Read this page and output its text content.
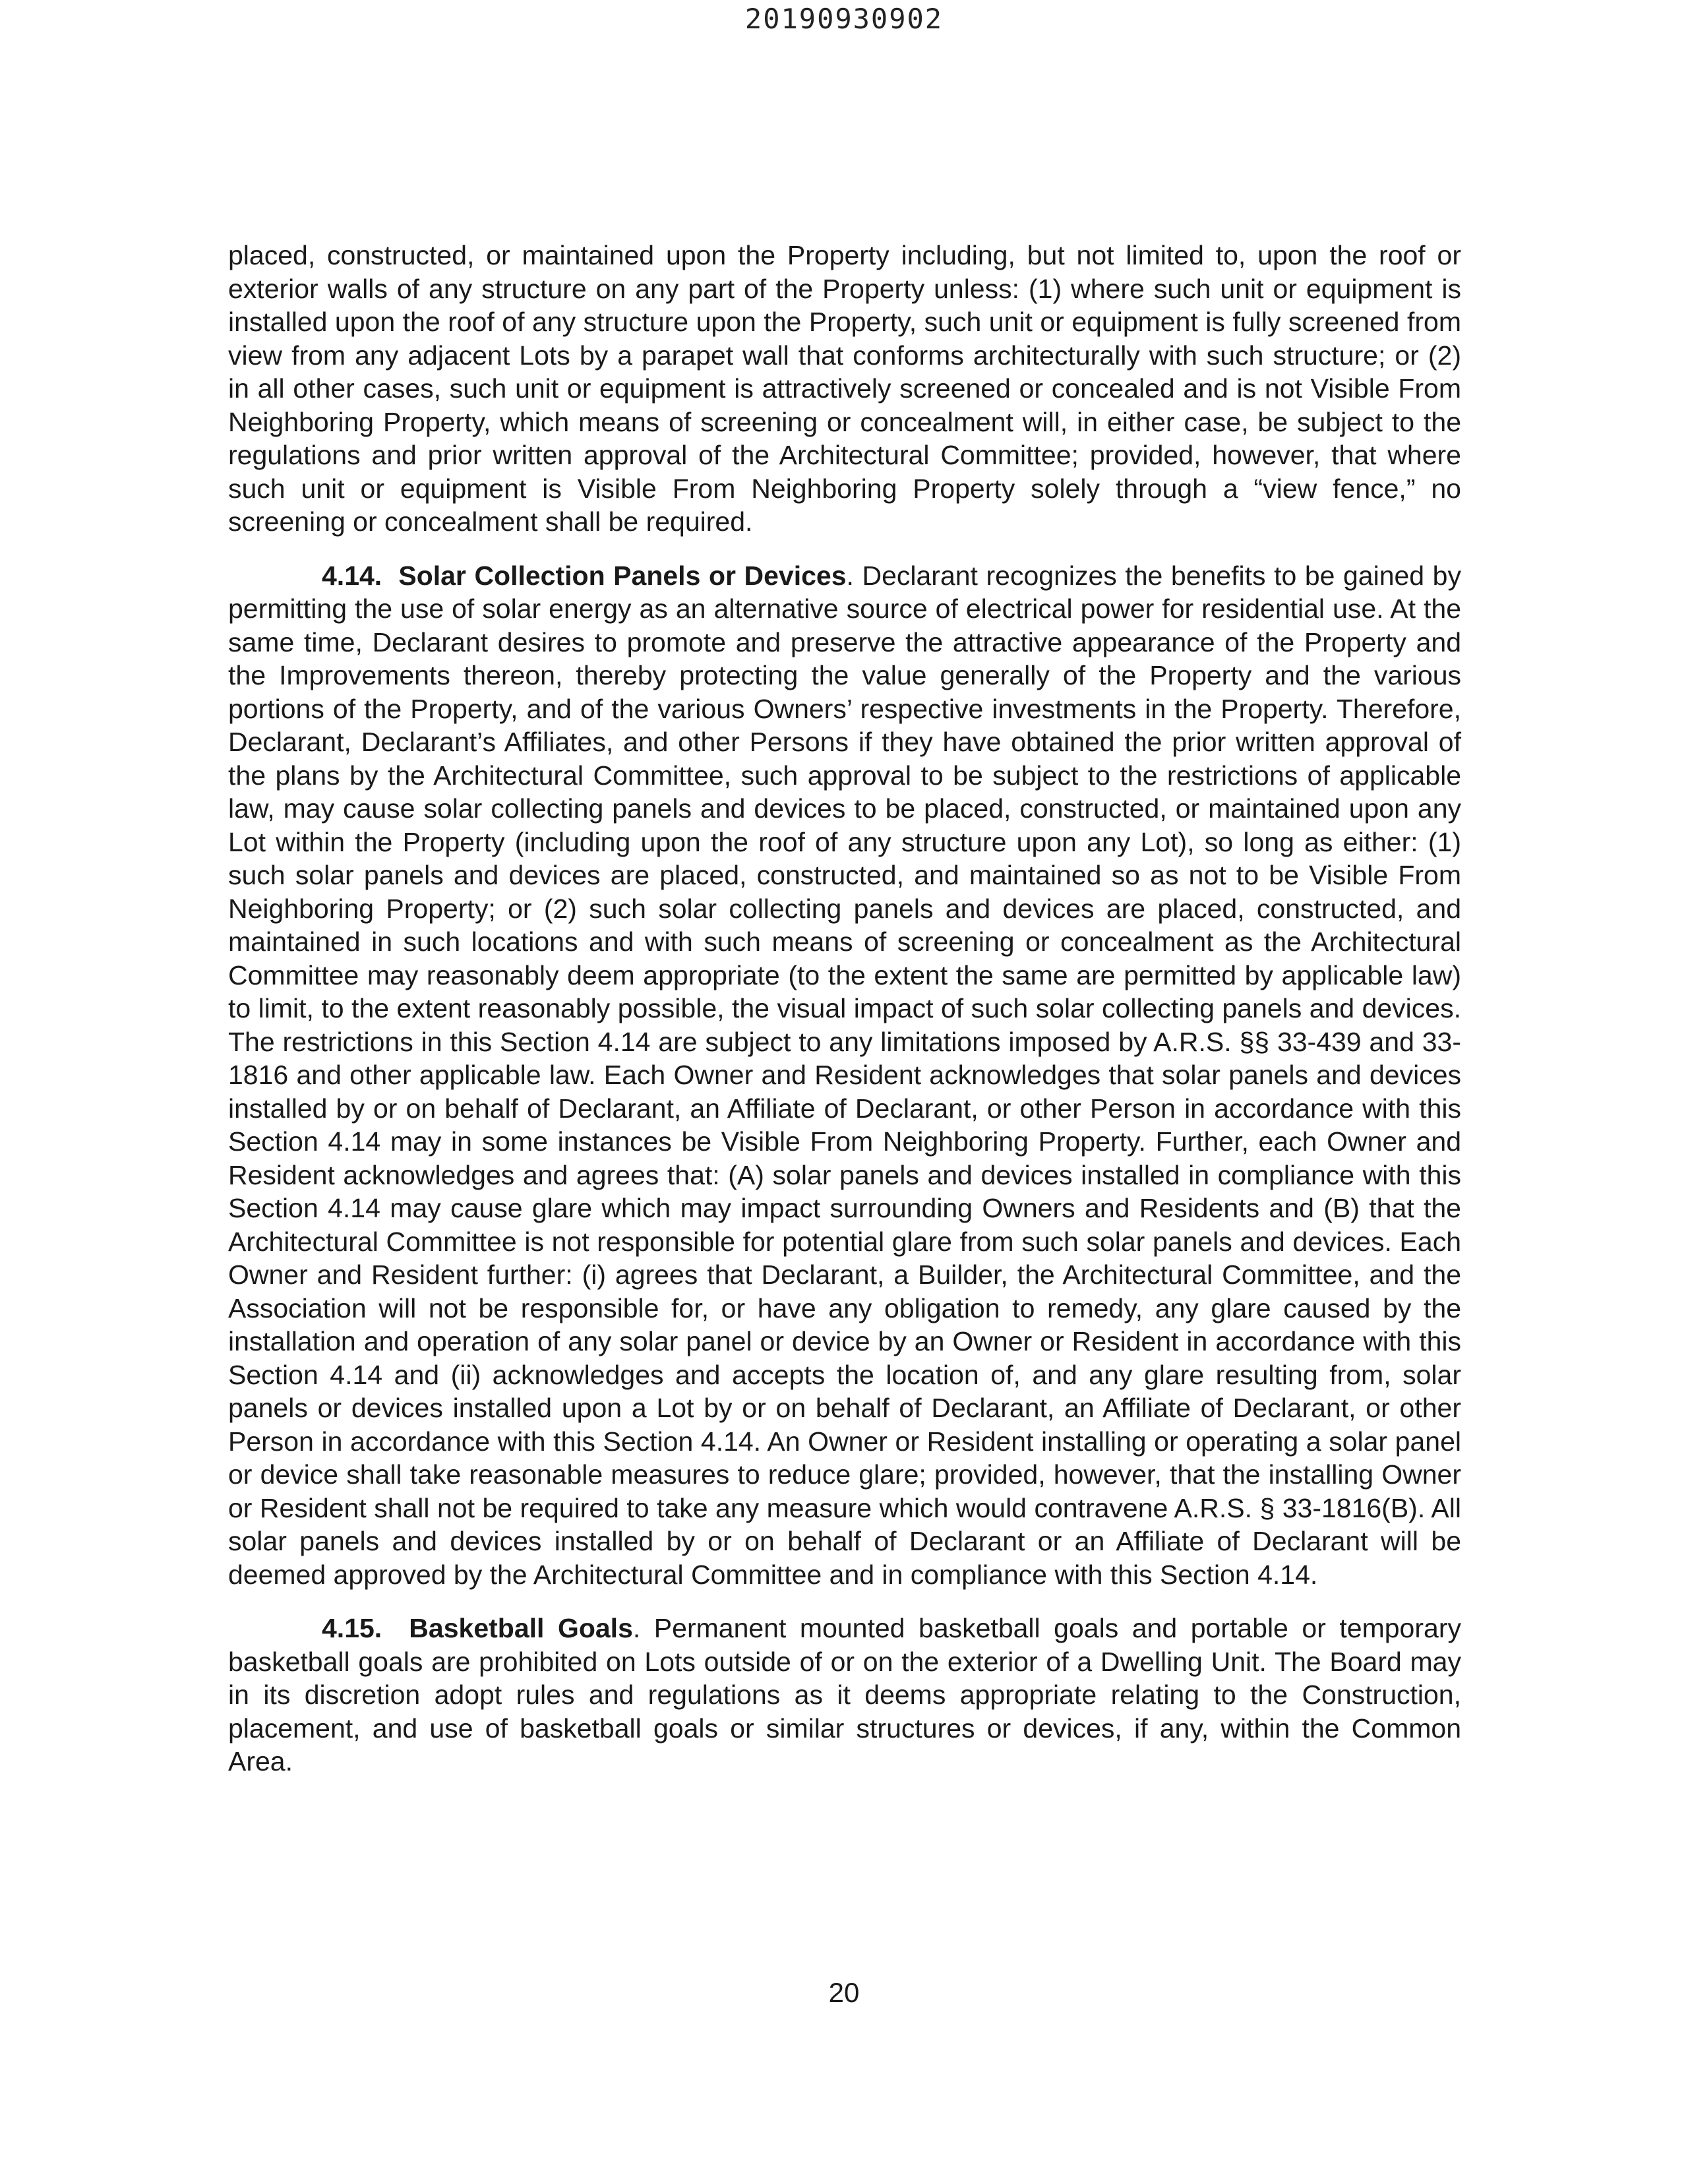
20190930902

placed, constructed, or maintained upon the Property including, but not limited to, upon the roof or exterior walls of any structure on any part of the Property unless: (1) where such unit or equipment is installed upon the roof of any structure upon the Property, such unit or equipment is fully screened from view from any adjacent Lots by a parapet wall that conforms architecturally with such structure; or (2) in all other cases, such unit or equipment is attractively screened or concealed and is not Visible From Neighboring Property, which means of screening or concealment will, in either case, be subject to the regulations and prior written approval of the Architectural Committee; provided, however, that where such unit or equipment is Visible From Neighboring Property solely through a “view fence,” no screening or concealment shall be required.

4.14. Solar Collection Panels or Devices. Declarant recognizes the benefits to be gained by permitting the use of solar energy as an alternative source of electrical power for residential use. At the same time, Declarant desires to promote and preserve the attractive appearance of the Property and the Improvements thereon, thereby protecting the value generally of the Property and the various portions of the Property, and of the various Owners’ respective investments in the Property. Therefore, Declarant, Declarant’s Affiliates, and other Persons if they have obtained the prior written approval of the plans by the Architectural Committee, such approval to be subject to the restrictions of applicable law, may cause solar collecting panels and devices to be placed, constructed, or maintained upon any Lot within the Property (including upon the roof of any structure upon any Lot), so long as either: (1) such solar panels and devices are placed, constructed, and maintained so as not to be Visible From Neighboring Property; or (2) such solar collecting panels and devices are placed, constructed, and maintained in such locations and with such means of screening or concealment as the Architectural Committee may reasonably deem appropriate (to the extent the same are permitted by applicable law) to limit, to the extent reasonably possible, the visual impact of such solar collecting panels and devices. The restrictions in this Section 4.14 are subject to any limitations imposed by A.R.S. §§ 33-439 and 33-1816 and other applicable law. Each Owner and Resident acknowledges that solar panels and devices installed by or on behalf of Declarant, an Affiliate of Declarant, or other Person in accordance with this Section 4.14 may in some instances be Visible From Neighboring Property. Further, each Owner and Resident acknowledges and agrees that: (A) solar panels and devices installed in compliance with this Section 4.14 may cause glare which may impact surrounding Owners and Residents and (B) that the Architectural Committee is not responsible for potential glare from such solar panels and devices. Each Owner and Resident further: (i) agrees that Declarant, a Builder, the Architectural Committee, and the Association will not be responsible for, or have any obligation to remedy, any glare caused by the installation and operation of any solar panel or device by an Owner or Resident in accordance with this Section 4.14 and (ii) acknowledges and accepts the location of, and any glare resulting from, solar panels or devices installed upon a Lot by or on behalf of Declarant, an Affiliate of Declarant, or other Person in accordance with this Section 4.14. An Owner or Resident installing or operating a solar panel or device shall take reasonable measures to reduce glare; provided, however, that the installing Owner or Resident shall not be required to take any measure which would contravene A.R.S. § 33-1816(B). All solar panels and devices installed by or on behalf of Declarant or an Affiliate of Declarant will be deemed approved by the Architectural Committee and in compliance with this Section 4.14.

4.15. Basketball Goals. Permanent mounted basketball goals and portable or temporary basketball goals are prohibited on Lots outside of or on the exterior of a Dwelling Unit. The Board may in its discretion adopt rules and regulations as it deems appropriate relating to the Construction, placement, and use of basketball goals or similar structures or devices, if any, within the Common Area.

20
